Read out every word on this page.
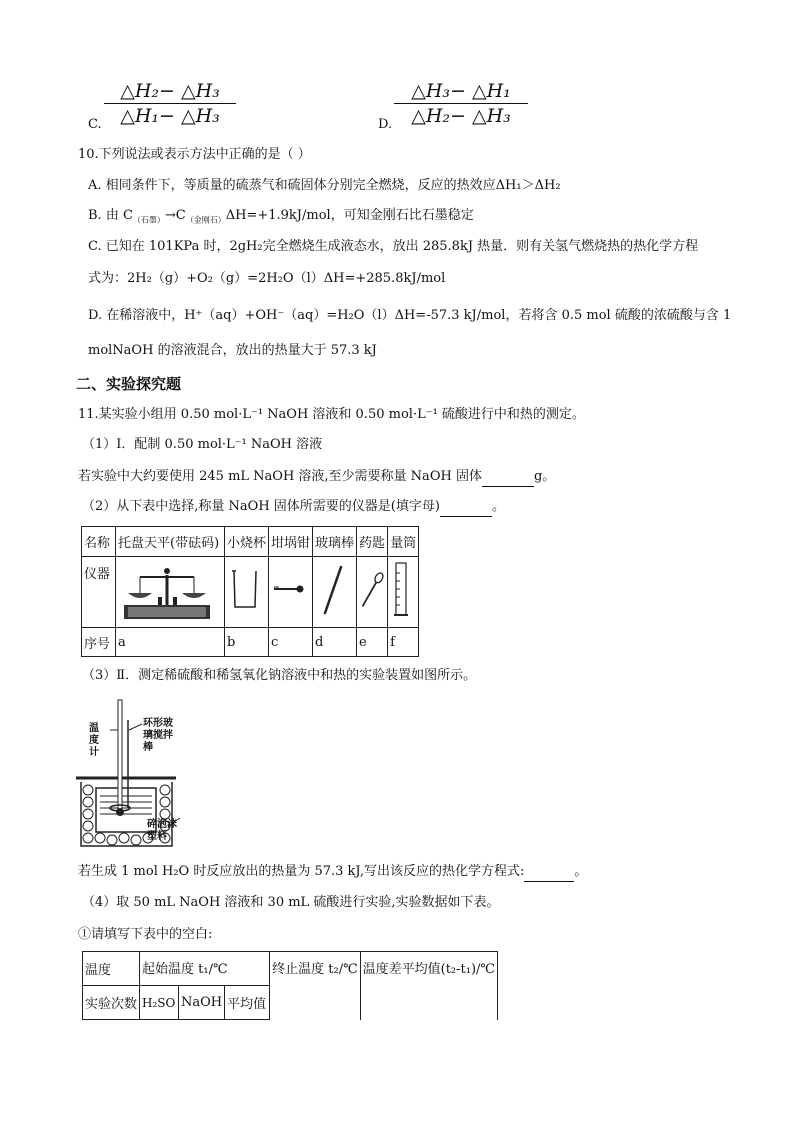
C. $\frac{\text{△H₂− △H₃}}{\text{△H₁− △H₃}}$	D. $\frac{\text{△H₃− △H₁}}{\text{△H₂− △H₃}}$
10.下列说法或表示方法中正确的是（ ）
A. 相同条件下，等质量的硫蒸气和硫固体分别完全燃烧，反应的热效应ΔH₁＞ΔH₂
B. 由 $C_{(石墨)}\to C_{(金刚石)}\Delta H=+1.9kJ$/mol，可知金刚石比石墨稳定
C. 已知在 101KPa 时，2gH₂完全燃烧生成液态水，放出 285.8kJ 热量．则有关氢气燃烧热的热化学方程
式为：2H₂（g）+O₂（g）=2H₂O（l）ΔH=+285.8kJ/mol
D. 在稀溶液中，H⁺（aq）+OH⁻（aq）=H₂O（l）ΔH=-57.3 kJ/mol，若将含 0.5 mol 硫酸的浓硫酸与含 1
molNaOH 的溶液混合，放出的热量大于 57.3 kJ
二、实验探究题
11.某实验小组用 0.50 mol·L⁻¹ NaOH 溶液和 0.50 mol·L⁻¹ 硫酸进行中和热的测定。
（1）Ⅰ．配制 0.50 mol·L⁻¹ NaOH 溶液
若实验中大约要使用 245 mL NaOH 溶液,至少需要称量 NaOH 固体	g。
（2）从下表中选择,称量 NaOH 固体所需要的仪器是(填字母)	。
名称	托盘天平(带砝码)	小烧杯	坩埚钳	玻璃棒	药匙	量筒
仪器						
序号	a	b	c	d	e	f
（3）Ⅱ．测定稀硫酸和稀氢氧化钠溶液中和热的实验装置如图所示。
温度计
环形玻璃搅拌棒
碎泡沫塑料
若生成 1 mol H₂O 时反应放出的热量为 57.3 kJ,写出该反应的热化学方程式:	。
（4）取 50 mL NaOH 溶液和 30 mL 硫酸进行实验,实验数据如下表。
①请填写下表中的空白:
温度	起始温度 t₁/℃			终止温度 t₂/℃	温度差平均值(t₂-t₁)/℃
实验次数	H₂SO	NaOH	平均值		
